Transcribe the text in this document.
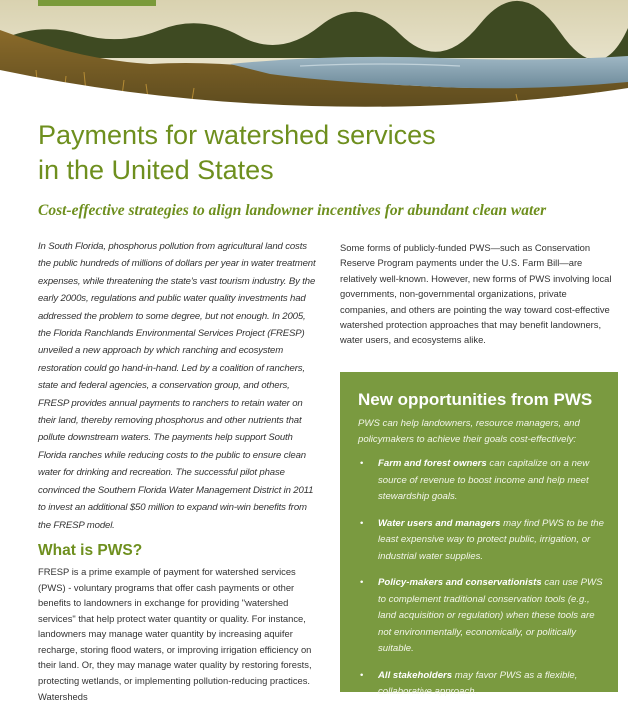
Payments for watershed services in the United States

Cost-effective strategies to align landowner incentives for abundant clean water

In South Florida, phosphorus pollution from agricultural land costs the public hundreds of millions of dollars per year in water treatment expenses, while threatening the state's vast tourism industry. By the early 2000s, regulations and public water quality investments had addressed the problem to some degree, but not enough. In 2005, the Florida Ranchlands Environmental Services Project (FRESP) unveiled a new approach by which ranching and ecosystem restoration could go hand-in-hand. Led by a coalition of ranchers, state and federal agencies, a conservation group, and others, FRESP provides annual payments to ranchers to retain water on their land, thereby removing phosphorus and other nutrients that pollute downstream waters. The payments help support South Florida ranches while reducing costs to the public to ensure clean water for drinking and recreation. The successful pilot phase convinced the Southern Florida Water Management District in 2011 to invest an additional $50 million to expand win-win benefits from the FRESP model.

What is PWS?

FRESP is a prime example of payment for watershed services (PWS) - voluntary programs that offer cash payments or other benefits to landowners in exchange for providing "watershed services" that help protect water quantity or quality. For instance, landowners may manage water quantity by increasing aquifer recharge, storing flood waters, or improving irrigation efficiency on their land. Or, they may manage water quality by restoring forests, protecting wetlands, or implementing pollution-reducing practices. Watersheds

Some forms of publicly-funded PWS—such as Conservation Reserve Program payments under the U.S. Farm Bill—are relatively well-known. However, new forms of PWS involving local governments, non-governmental organizations, private companies, and others are pointing the way toward cost-effective watershed protection approaches that may benefit landowners, water users, and ecosystems alike.

New opportunities from PWS

PWS can help landowners, resource managers, and policymakers to achieve their goals cost-effectively:

• Farm and forest owners can capitalize on a new source of revenue to boost income and help meet stewardship goals.
• Water users and managers may find PWS to be the least expensive way to protect public, irrigation, or industrial water supplies.
• Policy-makers and conservationists can use PWS to complement traditional conservation tools (e.g., land acquisition or regulation) when these tools are not environmentally, economically, or politically suitable.
• All stakeholders may favor PWS as a flexible, collaborative approach.
